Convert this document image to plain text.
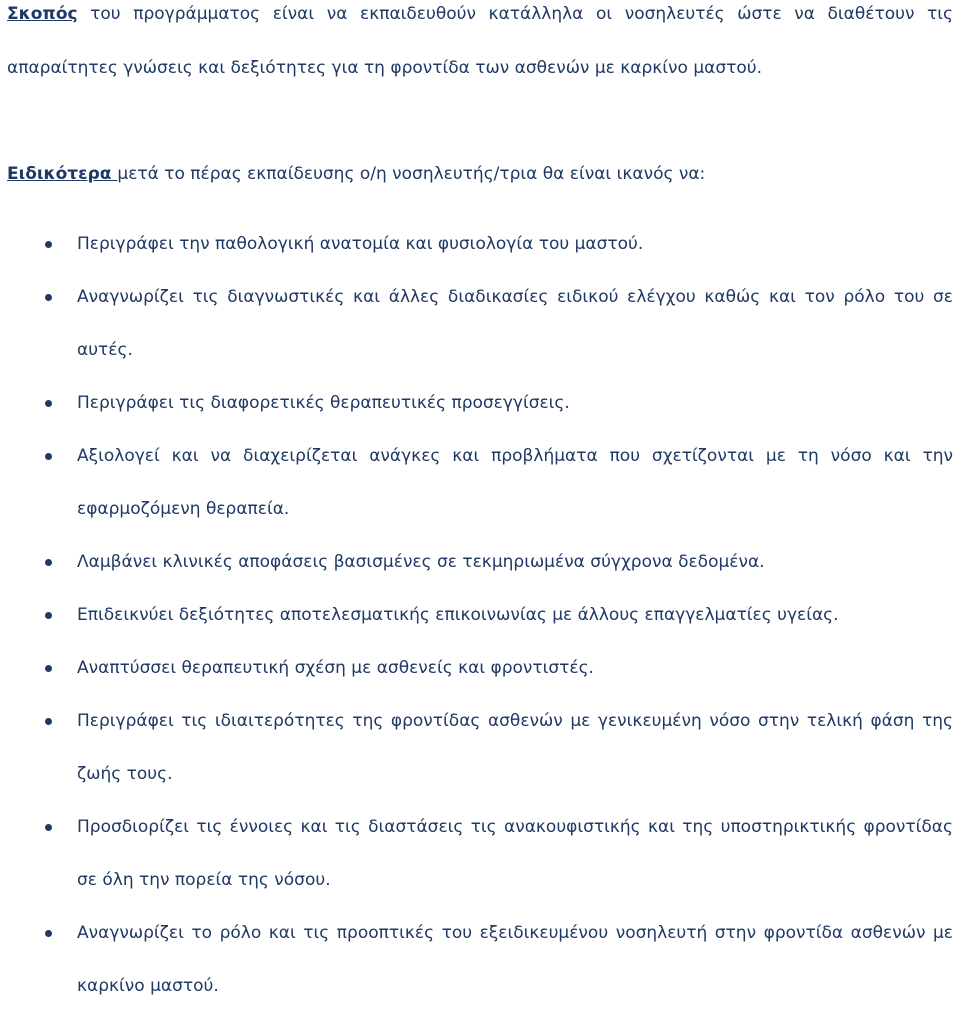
Σκοπός του προγράμματος είναι να εκπαιδευθούν κατάλληλα οι νοσηλευτές ώστε να διαθέτουν τις απαραίτητες γνώσεις και δεξιότητες για τη φροντίδα των ασθενών με καρκίνο μαστού.

Ειδικότερα μετά το πέρας εκπαίδευσης ο/η νοσηλευτής/τρια θα είναι ικανός να:

Περιγράφει την παθολογική ανατομία και φυσιολογία του μαστού.
Αναγνωρίζει τις διαγνωστικές και άλλες διαδικασίες ειδικού ελέγχου καθώς και τον ρόλο του σε αυτές.
Περιγράφει τις διαφορετικές θεραπευτικές προσεγγίσεις.
Αξιολογεί και να διαχειρίζεται ανάγκες και προβλήματα που σχετίζονται με τη νόσο και την εφαρμοζόμενη θεραπεία.
Λαμβάνει κλινικές αποφάσεις βασισμένες σε τεκμηριωμένα σύγχρονα δεδομένα.
Επιδεικνύει δεξιότητες αποτελεσματικής επικοινωνίας με άλλους επαγγελματίες υγείας.
Αναπτύσσει θεραπευτική σχέση με ασθενείς και φροντιστές.
Περιγράφει τις ιδιαιτερότητες της φροντίδας ασθενών με γενικευμένη νόσο στην τελική φάση της ζωής τους.
Προσδιορίζει τις έννοιες και τις διαστάσεις τις ανακουφιστικής και της υποστηρικτικής φροντίδας σε όλη την πορεία της νόσου.
Αναγνωρίζει το ρόλο και τις προοπτικές του εξειδικευμένου νοσηλευτή στην φροντίδα ασθενών με καρκίνο μαστού.
